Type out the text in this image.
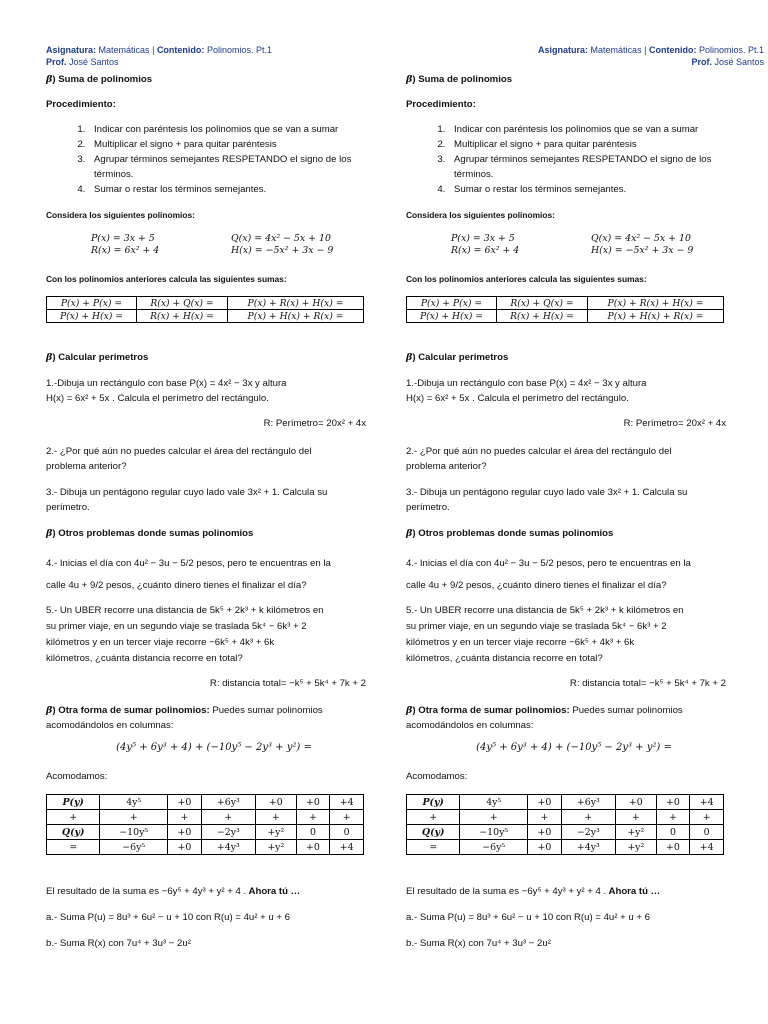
Asignatura: Matemáticas | Contenido: Polinomios. Pt.1
Prof. José Santos
β) Suma de polinomios
Procedimiento:
1. Indicar con paréntesis los polinomios que se van a sumar
2. Multiplicar el signo + para quitar paréntesis
3. Agrupar términos semejantes RESPETANDO el signo de los términos.
4. Sumar o restar los términos semejantes.
Considera los siguientes polinomios:
P(x) = 3x + 5	Q(x) = 4x² − 5x + 10
R(x) = 6x² + 4	H(x) = −5x² + 3x − 9
Con los polinomios anteriores calcula las siguientes sumas:
P(x) + P(x) =	R(x) + Q(x) =	P(x) + R(x) + H(x) =
P(x) + H(x) =	R(x) + H(x) =	P(x) + H(x) + R(x) =
β) Calcular perímetros
1.-Dibuja un rectángulo con base P(x) = 4x² − 3x y altura
H(x) = 6x² + 5x . Calcula el perímetro del rectángulo.
R: Perímetro= 20x² + 4x
2.- ¿Por qué aún no puedes calcular el área del rectángulo del
problema anterior?
3.- Dibuja un pentágono regular cuyo lado vale 3x² + 1. Calcula su
perímetro.
β) Otros problemas donde sumas polinomios
4.- Inicias el día con 4u² − 3u − 5/2 pesos, pero te encuentras en la
calle 4u + 9/2 pesos, ¿cuánto dinero tienes el finalizar el día?
5.- Un UBER recorre una distancia de 5k⁵ + 2k³ + k kilómetros en
su primer viaje, en un segundo viaje se traslada 5k⁴ − 6k³ + 2
kilómetros y en un tercer viaje recorre −6k⁵ + 4k³ + 6k
kilómetros, ¿cuánta distancia recorre en total?
R: distancia total= −k⁵ + 5k⁴ + 7k + 2
β) Otra forma de sumar polinomios: Puedes sumar polinomios
acomodándolos en columnas:
(4y⁵ + 6y³ + 4) + (−10y⁵ − 2y³ + y²) =
Acomodamos:
P(y)	4y⁵	+0	+6y³	+0	+0	+4
+	+	+	+	+	+	+
Q(y)	−10y⁵	+0	−2y³	+y²	0	0
=	−6y⁵	+0	+4y³	+y²	+0	+4
El resultado de la suma es −6y⁵ + 4y³ + y² + 4 . Ahora tú …
a.- Suma P(u) = 8u³ + 6u² − u + 10 con R(u) = 4u² + u + 6
b.- Suma R(x) con 7u⁴ + 3u³ − 2u²
Asignatura: Matemáticas | Contenido: Polinomios. Pt.1
Prof. José Santos
β) Suma de polinomios
Procedimiento:
1. Indicar con paréntesis los polinomios que se van a sumar
2. Multiplicar el signo + para quitar paréntesis
3. Agrupar términos semejantes RESPETANDO el signo de los términos.
4. Sumar o restar los términos semejantes.
Considera los siguientes polinomios:
P(x) = 3x + 5	Q(x) = 4x² − 5x + 10
R(x) = 6x² + 4	H(x) = −5x² + 3x − 9
Con los polinomios anteriores calcula las siguientes sumas:
P(x) + P(x) =	R(x) + Q(x) =	P(x) + R(x) + H(x) =
P(x) + H(x) =	R(x) + H(x) =	P(x) + H(x) + R(x) =
β) Calcular perímetros
1.-Dibuja un rectángulo con base P(x) = 4x² − 3x y altura
H(x) = 6x² + 5x . Calcula el perímetro del rectángulo.
R: Perímetro= 20x² + 4x
2.- ¿Por qué aún no puedes calcular el área del rectángulo del
problema anterior?
3.- Dibuja un pentágono regular cuyo lado vale 3x² + 1. Calcula su
perímetro.
β) Otros problemas donde sumas polinomios
4.- Inicias el día con 4u² − 3u − 5/2 pesos, pero te encuentras en la
calle 4u + 9/2 pesos, ¿cuánto dinero tienes el finalizar el día?
5.- Un UBER recorre una distancia de 5k⁵ + 2k³ + k kilómetros en
su primer viaje, en un segundo viaje se traslada 5k⁴ − 6k³ + 2
kilómetros y en un tercer viaje recorre −6k⁵ + 4k³ + 6k
kilómetros, ¿cuánta distancia recorre en total?
R: distancia total= −k⁵ + 5k⁴ + 7k + 2
β) Otra forma de sumar polinomios: Puedes sumar polinomios
acomodándolos en columnas:
(4y⁵ + 6y³ + 4) + (−10y⁵ − 2y³ + y²) =
Acomodamos:
P(y)	4y⁵	+0	+6y³	+0	+0	+4
+	+	+	+	+	+	+
Q(y)	−10y⁵	+0	−2y³	+y²	0	0
=	−6y⁵	+0	+4y³	+y²	+0	+4
El resultado de la suma es −6y⁵ + 4y³ + y² + 4 . Ahora tú …
a.- Suma P(u) = 8u³ + 6u² − u + 10 con R(u) = 4u² + u + 6
b.- Suma R(x) con 7u⁴ + 3u³ − 2u²
